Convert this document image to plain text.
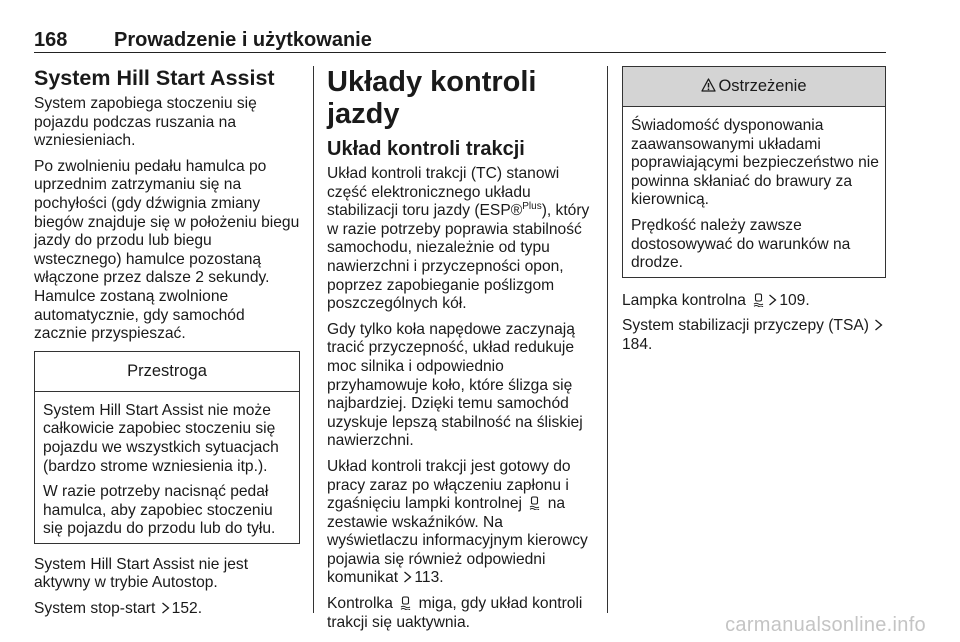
168 Prowadzenie i użytkowanie
System Hill Start Assist

System zapobiega stoczeniu się pojazdu podczas ruszania na wzniesieniach.

Po zwolnieniu pedału hamulca po uprzednim zatrzymaniu się na pochyłości (gdy dźwignia zmiany biegów znajduje się w położeniu biegu jazdy do przodu lub biegu wstecznego) hamulce pozostaną włączone przez dalsze 2 sekundy. Hamulce zostaną zwolnione automatycznie, gdy samochód zacznie przyspieszać.

Przestroga

System Hill Start Assist nie może całkowicie zapobiec stoczeniu się pojazdu we wszystkich sytuacjach (bardzo strome wzniesienia itp.).

W razie potrzeby nacisnąć pedał hamulca, aby zapobiec stoczeniu się pojazdu do przodu lub do tyłu.

System Hill Start Assist nie jest aktywny w trybie Autostop.

System stop-start 152.

Układy kontroli jazdy
Układ kontroli trakcji

Układ kontroli trakcji (TC) stanowi część elektronicznego układu stabilizacji toru jazdy (ESP®$^{Plus}$), który w razie potrzeby poprawia stabilność samochodu, niezależnie od typu nawierzchni i przyczepności opon, poprzez zapobieganie poślizgom poszczególnych kół.

Gdy tylko koła napędowe zaczynają tracić przyczepność, układ redukuje moc silnika i odpowiednio przyhamowuje koło, które ślizga się najbardziej. Dzięki temu samochód uzyskuje lepszą stabilność na śliskiej nawierzchni.

Układ kontroli trakcji jest gotowy do pracy zaraz po włączeniu zapłonu i zgaśnięciu lampki kontrolnej na zestawie wskaźników. Na wyświetlaczu informacyjnym kierowcy pojawia się również odpowiedni komunikat 113.

Kontrolka miga, gdy układ kontroli trakcji się uaktywnia.

Ostrzeżenie

Świadomość dysponowania zaawansowanymi układami poprawiającymi bezpieczeństwo nie powinna skłaniać do brawury za kierownicą.

Prędkość należy zawsze dostosowywać do warunków na drodze.

Lampka kontrolna 109.

System stabilizacji przyczepy (TSA) 184.

carmanualsonline.info
